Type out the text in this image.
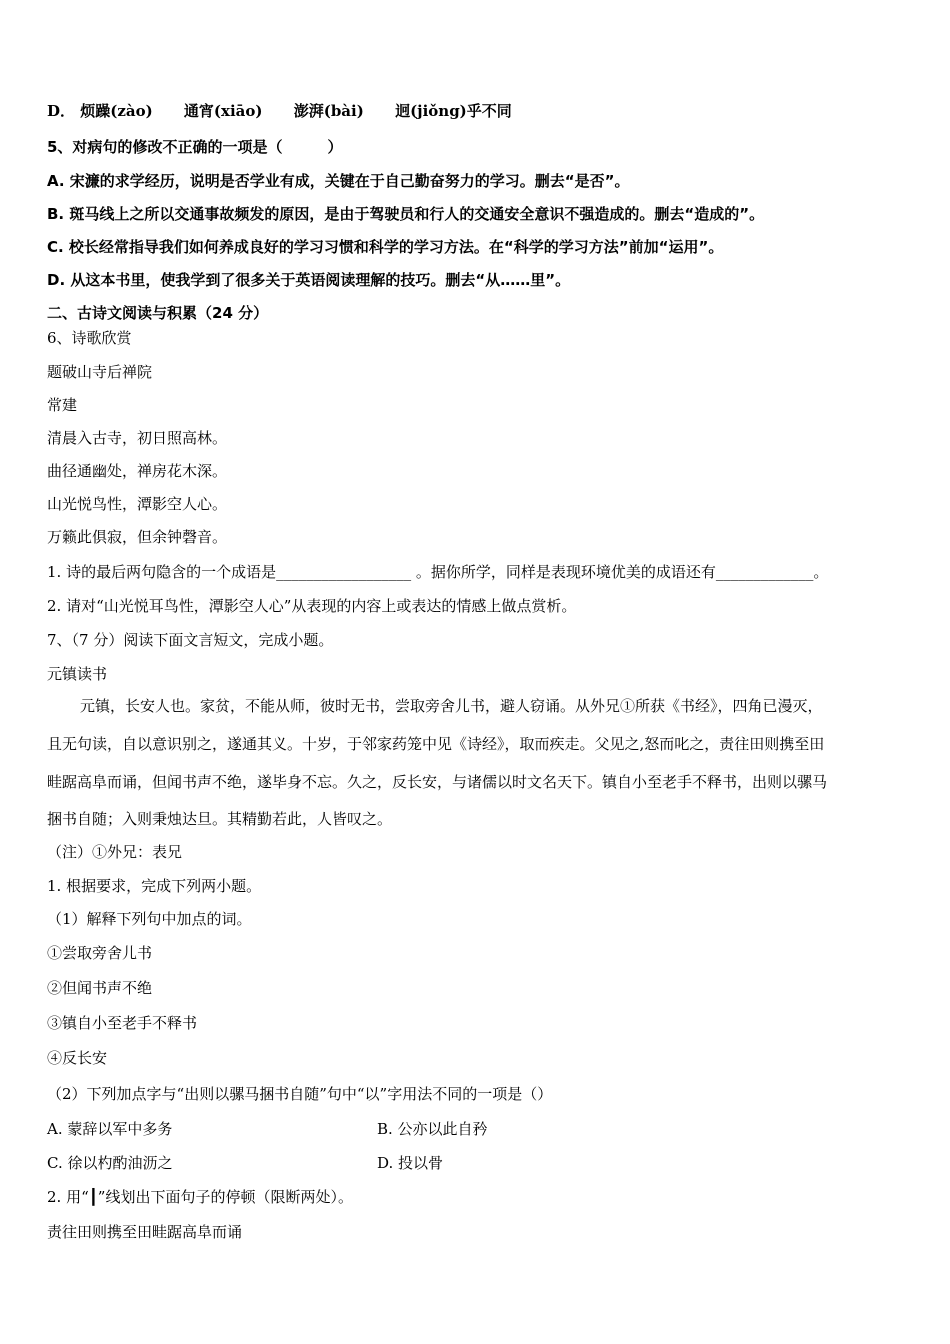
D． 烦躁(zào) 通宵(xiāo) 澎湃(bài) 迥(jiǒng)乎不同
5、对病句的修改不正确的一项是（　　　）
A. 宋濂的求学经历，说明是否学业有成，关键在于自己勤奋努力的学习。删去“是否”。
B. 斑马线上之所以交通事故频发的原因，是由于驾驶员和行人的交通安全意识不强造成的。删去“造成的”。
C. 校长经常指导我们如何养成良好的学习习惯和科学的学习方法。在“科学的学习方法”前加“运用”。
D. 从这本书里，使我学到了很多关于英语阅读理解的技巧。删去“从……里”。
二、古诗文阅读与积累（24 分）
6、诗歌欣赏
题破山寺后禅院
常建
清晨入古寺，初日照高林。
曲径通幽处，禅房花木深。
山光悦鸟性，潭影空人心。
万籁此俱寂，但余钟磬音。
1. 诗的最后两句隐含的一个成语是__________________ 。据你所学，同样是表现环境优美的成语还有_____________。
2. 请对“山光悦耳鸟性，潭影空人心”从表现的内容上或表达的情感上做点赏析。
7、（7 分）阅读下面文言短文，完成小题。
元镇读书
元镇，长安人也。家贫，不能从师，彼时无书，尝取旁舍儿书，避人窃诵。从外兄①所获《书经》，四角已漫灭，
且无句读，自以意识别之，遂通其义。十岁，于邻家药笼中见《诗经》，取而疾走。父见之,怒而叱之，责往田则携至田
畦踞高阜而诵，但闻书声不绝，遂毕身不忘。久之，反长安，与诸儒以时文名天下。镇自小至老手不释书，出则以骡马
捆书自随；入则秉烛达旦。其精勤若此，人皆叹之。
（注）①外兄：表兄
1. 根据要求，完成下列两小题。
（1）解释下列句中加点的词。
①尝取旁舍儿书
②但闻书声不绝
③镇自小至老手不释书
④反长安
（2）下列加点字与“出则以骡马捆书自随”句中“以”字用法不同的一项是（）
A. 蒙辞以军中多务	B. 公亦以此自矜
C. 徐以杓酌油沥之	D. 投以骨
2. 用“┃”线划出下面句子的停顿（限断两处）。
责往田则携至田畦踞高阜而诵
